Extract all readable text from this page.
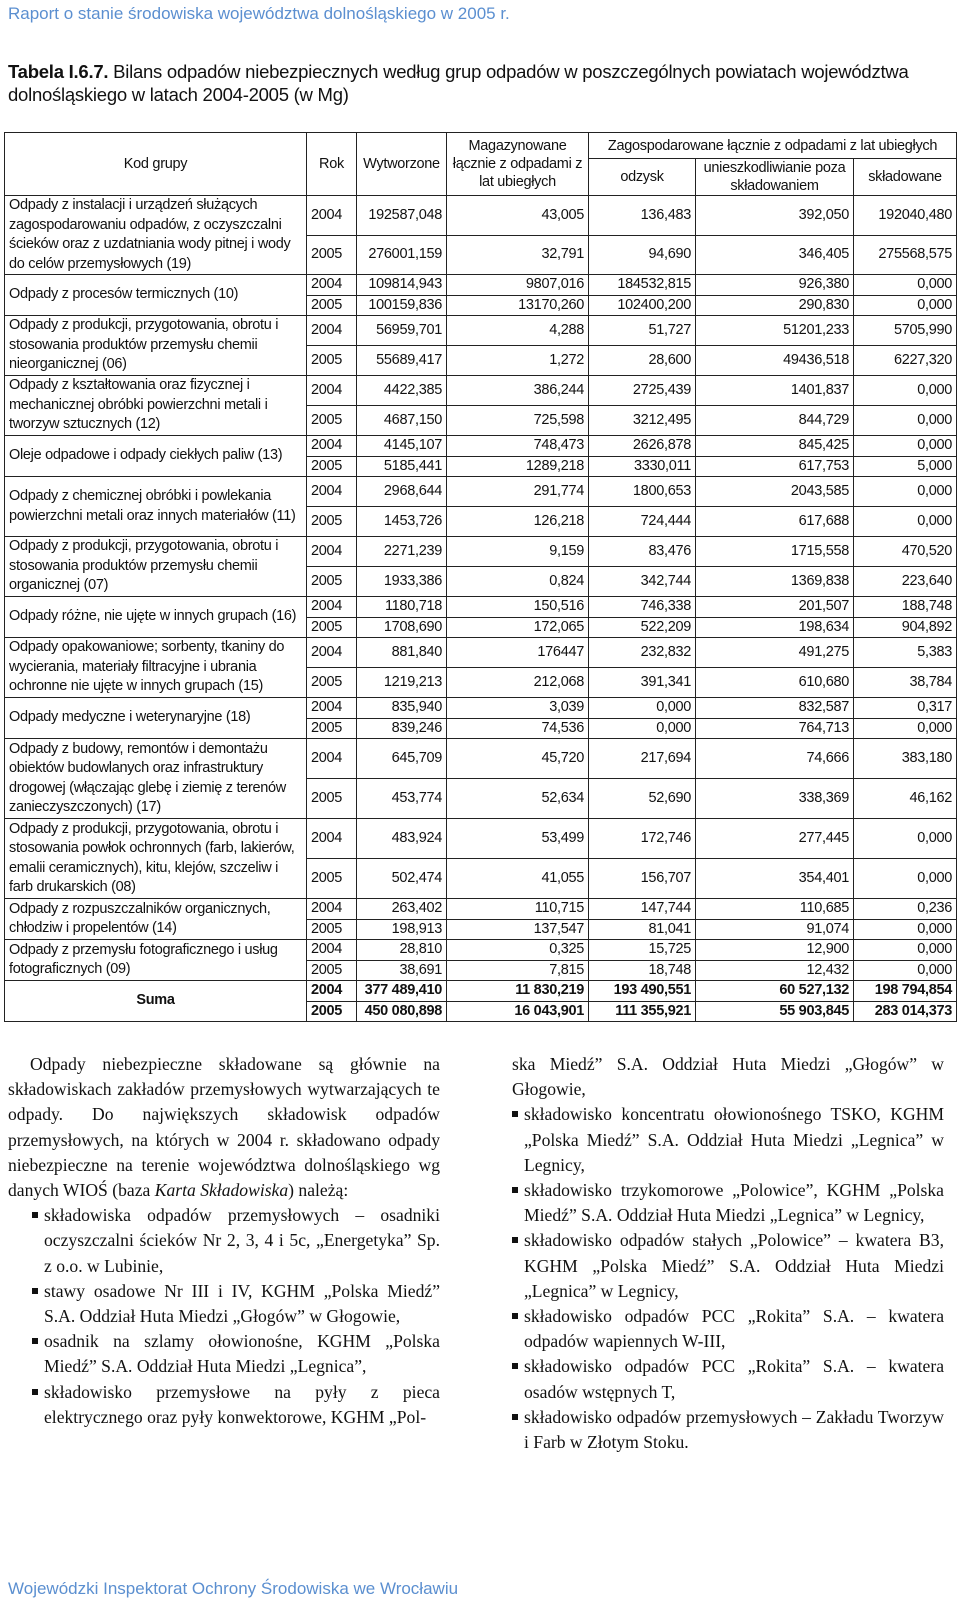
Raport o stanie środowiska województwa dolnośląskiego w 2005 r.
Tabela I.6.7. Bilans odpadów niebezpiecznych według grup odpadów w poszczególnych powiatach województwa dolnośląskiego w latach 2004-2005 (w Mg)
Kod grupy	Rok	Wytworzone	Magazynowane łącznie z odpadami z lat ubiegłych	Zagospodarowane łącznie z odpadami z lat ubiegłych		
				odzysk	unieszkodliwianie poza składowaniem	składowane
Odpady z instalacji i urządzeń służących zagospodarowaniu odpadów, z oczyszczalni ścieków oraz z uzdatniania wody pitnej i wody do celów przemysłowych (19)	2004	192587,048	43,005	136,483	392,050	192040,480
	2005	276001,159	32,791	94,690	346,405	275568,575
Odpady z procesów termicznych (10)	2004	109814,943	9807,016	184532,815	926,380	0,000
	2005	100159,836	13170,260	102400,200	290,830	0,000
Odpady z produkcji, przygotowania, obrotu i stosowania produktów przemysłu chemii nieorganicznej (06)	2004	56959,701	4,288	51,727	51201,233	5705,990
	2005	55689,417	1,272	28,600	49436,518	6227,320
Odpady z kształtowania oraz fizycznej i mechanicznej obróbki powierzchni metali i tworzyw sztucznych (12)	2004	4422,385	386,244	2725,439	1401,837	0,000
	2005	4687,150	725,598	3212,495	844,729	0,000
Oleje odpadowe i odpady ciekłych paliw (13)	2004	4145,107	748,473	2626,878	845,425	0,000
	2005	5185,441	1289,218	3330,011	617,753	5,000
Odpady z chemicznej obróbki i powlekania powierzchni metali oraz innych materiałów (11)	2004	2968,644	291,774	1800,653	2043,585	0,000
	2005	1453,726	126,218	724,444	617,688	0,000
Odpady z produkcji, przygotowania, obrotu i stosowania produktów przemysłu chemii organicznej (07)	2004	2271,239	9,159	83,476	1715,558	470,520
	2005	1933,386	0,824	342,744	1369,838	223,640
Odpady różne, nie ujęte w innych grupach (16)	2004	1180,718	150,516	746,338	201,507	188,748
	2005	1708,690	172,065	522,209	198,634	904,892
Odpady opakowaniowe; sorbenty, tkaniny do wycierania, materiały filtracyjne i ubrania ochronne nie ujęte w innych grupach (15)	2004	881,840	176447	232,832	491,275	5,383
	2005	1219,213	212,068	391,341	610,680	38,784
Odpady medyczne i weterynaryjne (18)	2004	835,940	3,039	0,000	832,587	0,317
	2005	839,246	74,536	0,000	764,713	0,000
Odpady z budowy, remontów i demontażu obiektów budowlanych oraz infrastruktury drogowej (włączając glebę i ziemię z terenów zanieczyszczonych) (17)	2004	645,709	45,720	217,694	74,666	383,180
	2005	453,774	52,634	52,690	338,369	46,162
Odpady z produkcji, przygotowania, obrotu i stosowania powłok ochronnych (farb, lakierów, emalii ceramicznych), kitu, klejów, szczeliw i farb drukarskich (08)	2004	483,924	53,499	172,746	277,445	0,000
	2005	502,474	41,055	156,707	354,401	0,000
Odpady z rozpuszczalników organicznych, chłodziw i propelentów (14)	2004	263,402	110,715	147,744	110,685	0,236
	2005	198,913	137,547	81,041	91,074	0,000
Odpady z przemysłu fotograficznego i usług fotograficznych (09)	2004	28,810	0,325	15,725	12,900	0,000
	2005	38,691	7,815	18,748	12,432	0,000
Suma	2004	377 489,410	11 830,219	193 490,551	60 527,132	198 794,854
	2005	450 080,898	16 043,901	111 355,921	55 903,845	283 014,373

Odpady niebezpieczne składowane są głównie na składowiskach zakładów przemysłowych wytwarzających te odpady. Do największych składowisk odpadów przemysłowych, na których w 2004 r. składowano odpady niebezpieczne na terenie województwa dolnośląskiego wg danych WIOŚ (baza Karta Składowiska) należą:

składowiska odpadów przemysłowych – osadniki oczyszczalni ścieków Nr 2, 3, 4 i 5c, „Energetyka” Sp. z o.o. w Lubinie,
stawy osadowe Nr III i IV, KGHM „Polska Miedź” S.A. Oddział Huta Miedzi „Głogów” w Głogowie,
osadnik na szlamy ołowionośne, KGHM „Polska Miedź” S.A. Oddział Huta Miedzi „Legnica”,
składowisko przemysłowe na pyły z pieca elektrycznego oraz pyły konwektorowe, KGHM „Pol-
ska Miedź” S.A. Oddział Huta Miedzi „Głogów” w Głogowie,
składowisko koncentratu ołowionośnego TSKO, KGHM „Polska Miedź” S.A. Oddział Huta Miedzi „Legnica” w Legnicy,
składowisko trzykomorowe „Polowice”, KGHM „Polska Miedź” S.A. Oddział Huta Miedzi „Legnica” w Legnicy,
składowisko odpadów stałych „Polowice” – kwatera B3, KGHM „Polska Miedź” S.A. Oddział Huta Miedzi „Legnica” w Legnicy,
składowisko odpadów PCC „Rokita” S.A. – kwatera odpadów wapiennych W-III,
składowisko odpadów PCC „Rokita” S.A. – kwatera osadów wstępnych T,
składowisko odpadów przemysłowych – Zakładu Tworzyw i Farb w Złotym Stoku.
Wojewódzki Inspektorat Ochrony Środowiska we Wrocławiu
